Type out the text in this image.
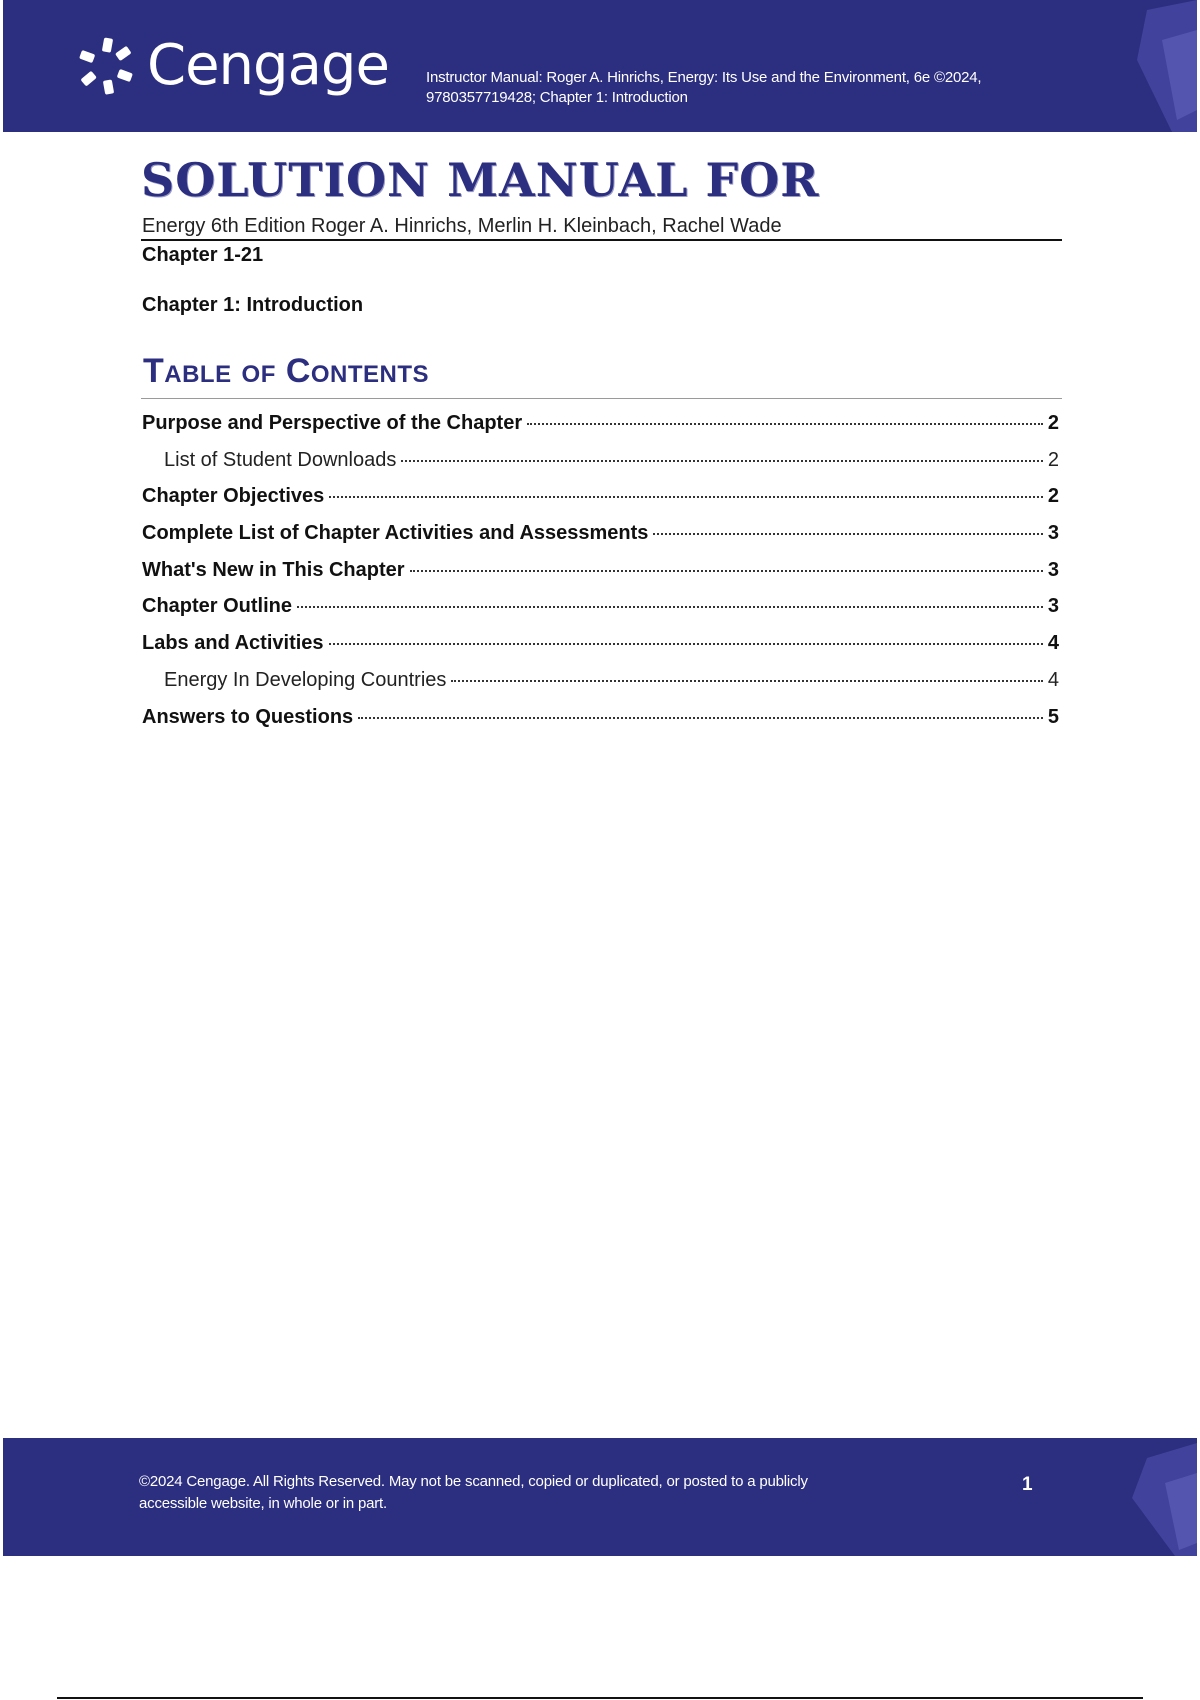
Cengage Instructor Manual: Roger A. Hinrichs, Energy: Its Use and the Environment, 6e ©2024, 9780357719428; Chapter 1: Introduction
SOLUTION MANUAL FOR
Energy 6th Edition Roger A. Hinrichs, Merlin H. Kleinbach, Rachel Wade
Chapter 1-21
Chapter 1: Introduction
Table of Contents
Purpose and Perspective of the Chapter	2
List of Student Downloads	2
Chapter Objectives	2
Complete List of Chapter Activities and Assessments	3
What's New in This Chapter	3
Chapter Outline	3
Labs and Activities	4
Energy In Developing Countries	4
Answers to Questions	5
©2024 Cengage. All Rights Reserved. May not be scanned, copied or duplicated, or posted to a publicly accessible website, in whole or in part.
1
